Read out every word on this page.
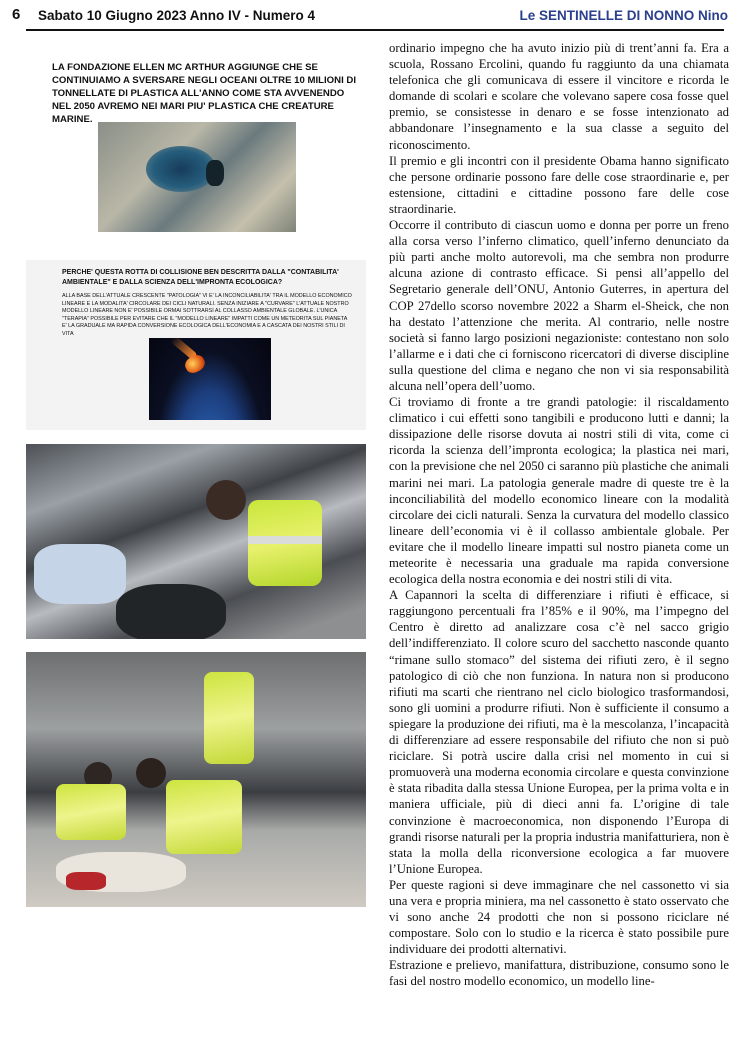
6 Sabato 10 Giugno 2023 Anno IV - Numero 4	Le SENTINELLE DI NONNO Nino
LA FONDAZIONE ELLEN MC ARTHUR AGGIUNGE CHE SE CONTINUIAMO A SVERSARE NEGLI OCEANI OLTRE 10 MILIONI DI TONNELLATE DI PLASTICA ALL'ANNO COME STA AVVENENDO NEL 2050 AVREMO NEI MARI PIU' PLASTICA CHE CREATURE MARINE.
PERCHE' QUESTA ROTTA DI COLLISIONE BEN DESCRITTA DALLA "CONTABILITA' AMBIENTALE" E DALLA SCIENZA DELL'IMPRONTA ECOLOGICA?
ALLA BASE DELL'ATTUALE CRESCENTE "PATOLOGIA" VI E' LA INCONCILIABILITA' TRA IL MODELLO ECONOMICO LINEARE E LA MODALITA' CIRCOLARE DEI CICLI NATURALI. SENZA INIZIARE A "CURVARE" L'ATTUALE NOSTRO MODELLO LINEARE NON E' POSSIBILE ORMAI SOTTRARSI AL COLLASSO AMBIENTALE GLOBALE. L'UNICA "TERAPIA" POSSIBILE PER EVITARE CHE IL "MODELLO LINEARE" IMPATTI COME UN METEORITA SUL PIANETA E' LA GRADUALE MA RAPIDA CONVERSIONE ECOLOGICA DELL'ECONOMIA E A CASCATA DEI NOSTRI STILI DI VITA

ordinario impegno che ha avuto inizio più di trent’anni fa. Era a scuola, Rossano Ercolini, quando fu raggiunto da una chiamata telefonica che gli comunicava di essere il vincitore e ricorda le domande di scolari e scolare che volevano sapere cosa fosse quel premio, se consistesse in denaro e se fosse intenzionato ad abbandonare l’insegnamento e la sua classe a seguito del riconoscimento.

Il premio e gli incontri con il presidente Obama hanno significato che persone ordinarie possono fare delle cose straordinarie e, per estensione, cittadini e cittadine possono fare delle cose straordinarie.

Occorre il contributo di ciascun uomo e donna per porre un freno alla corsa verso l’inferno climatico, quell’inferno denunciato da più parti anche molto autorevoli, ma che sembra non produrre alcuna azione di contrasto efficace. Si pensi all’appello del Segretario generale dell’ONU, Antonio Guterres, in apertura del COP 27dello scorso novembre 2022 a Sharm el-Sheick, che non ha destato l’attenzione che merita. Al contrario, nelle nostre società si fanno largo posizioni negazioniste: contestano non solo l’allarme e i dati che ci forniscono ricercatori di diverse discipline sulla questione del clima e negano che non vi sia responsabilità alcuna nell’opera dell’uomo.

Ci troviamo di fronte a tre grandi patologie: il riscaldamento climatico i cui effetti sono tangibili e producono lutti e danni; la dissipazione delle risorse dovuta ai nostri stili di vita, come ci ricorda la scienza dell’impronta ecologica; la plastica nei mari, con la previsione che nel 2050 ci saranno più plastiche che animali marini nei mari. La patologia generale madre di queste tre è la inconciliabilità del modello economico lineare con la modalità circolare dei cicli naturali. Senza la curvatura del modello classico lineare dell’economia vi è il collasso ambientale globale. Per evitare che il modello lineare impatti sul nostro pianeta come un meteorite è necessaria una graduale ma rapida conversione ecologica della nostra economia e dei nostri stili di vita.

A Capannori la scelta di differenziare i rifiuti è efficace, si raggiungono percentuali fra l’85% e il 90%, ma l’impegno del Centro è diretto ad analizzare cosa c’è nel sacco grigio dell’indifferenziato. Il colore scuro del sacchetto nasconde quanto “rimane sullo stomaco” del sistema dei rifiuti zero, è il segno patologico di ciò che non funziona. In natura non si producono rifiuti ma scarti che rientrano nel ciclo biologico trasformandosi, sono gli uomini a produrre rifiuti. Non è sufficiente il consumo a spiegare la produzione dei rifiuti, ma è la mescolanza, l’incapacità di differenziare ad essere responsabile del rifiuto che non si può riciclare. Si potrà uscire dalla crisi nel momento in cui si promuoverà una moderna economia circolare e questa convinzione è stata ribadita dalla stessa Unione Europea, per la prima volta e in maniera ufficiale, più di dieci anni fa. L’origine di tale convinzione è macroeconomica, non disponendo l’Europa di grandi risorse naturali per la propria industria manifatturiera, non è stata la molla della riconversione ecologica a far muovere l’Unione Europea.

Per queste ragioni si deve immaginare che nel cassonetto vi sia una vera e propria miniera, ma nel cassonetto è stato osservato che vi sono anche 24 prodotti che non si possono riciclare né compostare. Solo con lo studio e la ricerca è stato possibile pure individuare dei prodotti alternativi.

Estrazione e prelievo, manifattura, distribuzione, consumo sono le fasi del nostro modello economico, un modello line-
